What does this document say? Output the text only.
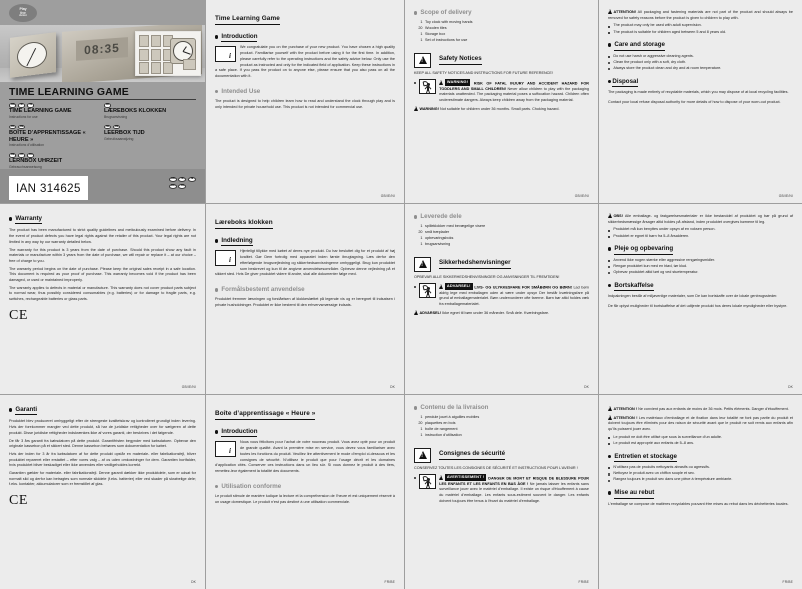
Play
tive
Junior
08:35
TIME LEARNING GAME
GB	IE	NI
TIME LEARNING GAME
Instructions for use
FR	BE
BOÎTE D’APPRENTISSAGE « HEURE »
Instructions d’utilisation
DE	AT	CH
LERNBOX UHRZEIT
Gebrauchsanweisung
DK
LÆREBOKS KLOKKEN
Brugsanvisning
NL	BE
LEERBOX TIJD
Gebruiksaanwijzing
IAN 314625
GB	IE	NI
DK	FR
Time Learning Game
Introduction
i

We congratulate you on the purchase of your new product. You have chosen a high quality product. Familiarise yourself with the product before using it for the first time. In addition, please carefully refer to the operating instructions and the safety advice below. Only use the product as instructed and only for the indicated field of application. Keep these instructions in a safe place. If you pass the product on to anyone else, please ensure that you also pass on all the documentation with it.

Intended Use

The product is designed to help children learn how to read and understand the clock through play and is only intended for private household use. This product is not intended for commercial use.

GB/IE/NI
Scope of delivery
1 Toy clock with moving hands
20 Wooden tiles
1 Storage box
1 Set of instructions for use
!
Safety Notices
KEEP ALL SAFETY NOTICES AND INSTRUCTIONS FOR FUTURE REFERENCE!

!WARNING! RISK OF FATAL INJURY AND ACCIDENT HAZARD FOR TODDLERS AND SMALL CHILDREN! Never allow children to play with the packaging materials unattended. The packaging material poses a suffocation hazard. Children often underestimate dangers. Always keep children away from the packaging material.

!WARNING! Not suitable for children under 36 months. Small parts. Choking hazard.

GB/IE/NI

!ATTENTION! All packaging and fastening materials are not part of the product and should always be removed for safety reasons before the product is given to children to play with.

The product may only be used with adult supervision.
The product is suitable for children aged between 5 and 8 years old.
Care and storage
Do not use harsh or aggressive cleaning agents.
Clean the product only with a soft, dry cloth.
Always store the product clean and dry and at room temperature.
Disposal

The packaging is made entirely of recyclable materials, which you may dispose of at local recycling facilities.

Contact your local refuse disposal authority for more details of how to dispose of your worn-out product.

GB/IE/NI
Warranty

The product has been manufactured to strict quality guidelines and meticulously examined before delivery. In the event of product defects you have legal rights against the retailer of this product. Your legal rights are not limited in any way by our warranty detailed below.

The warranty for this product is 3 years from the date of purchase. Should this product show any fault in materials or manufacture within 3 years from the date of purchase, we will repair or replace it – at our choice – free of charge to you.

The warranty period begins on the date of purchase. Please keep the original sales receipt in a safe location. This document is required as your proof of purchase. This warranty becomes void if the product has been damaged, or used or maintained improperly.

The warranty applies to defects in material or manufacture. This warranty does not cover product parts subject to normal wear, thus possibly considered consumables (e.g. batteries) or for damage to fragile parts, e.g. switches, rechargeable batteries or glass parts.

CE
GB/IE/NI
Læreboks klokken
Indledning
i

Hjerteligt tillykke med købet af deres nye produkt. Du har besluttet dig for et produkt af høj kvalitet. Gør Dem fortrolig med apparatet inden første ibrugtagning. Læs derfor den efterfølgende brugsvejledning og sikkerhedsanvisningerne omhyggeligt. Brug kun produktet som beskrevet og kun til de angivne anvendelsesområder. Opbevar denne vejledning på et sikkert sted. Hvis De giver produktet videre til andre, skal alle dokumenter følge med.

Formålsbestemt anvendelse

Produktet fremmer læsningen og forståelsen af klokkeslættet på legende vis og er beregnet til indsatsen i private husholdninger. Produktet er ikke bestemt til den erhvervsmæssige indsats.

DK
Leverede dele
1 spilleklokker med bevægelige visere
20 små træplader
1 opbevaringsboks
1 brugsanvisning
!
Sikkerhedshenvisninger
OPBEVAR ALLE SIKKERHEDSHENVISNINGER OG ANVISNINGER TIL FREMTIDEN!

!ADVARSEL! LIVS- OG ULYKKESFARE FOR SMÅBØRN OG BØRN! Lad børn aldrig lege med emballagen uden at være under opsyn Der består kvælningsfare på grund af emballagematerialet. Børn undervurderer ofte farerne. Børn bør altid holdes væk fra emballagematerialet.

!ADVARSEL! Ikke egnet til børn under 36 måneder. Små dele. Kvælningsfare.

DK

!OBS! Alle emballage- og fastgørelsesmaterialer er ikke bestanddel af produktet og bør på grund af sikkerhedsmæssige årsager altid holdes på afstand, inden produktet overgives børnene til leg.

Produktet må kun benyttes under opsyn af en voksen person.
Produktet er egnet til børn fra 5–8 årsalderen.
Pleje og opbevaring
Anvend ikke nogen stærke eller aggressive rengøringsmidler.
Rengør produktet kun med en blød, tør klud.
Opbevar produktet altid tørt og ved stuetemperatur.
Bortskaffelse

Indpakningen består af miljøvenlige materialer, som De kan bortskaffe over de lokale genbrugssteder.

De får oplyst muligheder til bortskaffelse af det udtjente produkt hos deres lokale myndigheder eller bystyre.

DK
Garanti

Produktet blev produceret omhyggeligt efter de strengeste kvalitetskrav og kontrolleret grundigt inden levering. Hvis der forekommer mangler ved dette produkt, så har de juridiske rettigheder over for sælgeren af dette produkt. Disse juridiske rettigheder indskrænkes ikke af vores garanti, der beskrives i det følgende.

De får 3 års garanti fra købsdatoen på dette produkt. Garantifristen begynder med købsdatoen. Opbevar den originale kassebon på et sikkert sted. Denne kassebon behøves som dokumentation for købet.

Hvis der inden for 3 år fra købsdatoen af for dette produkt opstår en materiale- eller fabrikationsfejl, bliver produktet repareret eller erstattet – efter vores valg – af os uden omkostninger for dem. Garantien bortfalder, hvis produktet bliver beskadiget eller ikke anvendes eller vedligeholdes korrekt.

Garantien gælder for materiale- eller fabrikationsfejl. Denne garanti dækker ikke produktdele, som er udsat for normalt slid og derfor kan betragtes som normale sliddele (f.eks. batterier) eller ved skader på skrøbelige dele; f.eks. kontakter, akkumulatorer som er fremstillet af glas.

CE
DK
Boîte d’apprentissage « Heure »
Introduction
i

Nous vous félicitons pour l’achat de votre nouveau produit. Vous avez opté pour un produit de grande qualité. Avant la première mise en service, vous devez vous familiariser avec toutes les fonctions du produit. Veuillez lire attentivement le mode d’emploi ci-dessous et les consignes de sécurité. N’utilisez le produit que pour l’usage décrit et les domaines d’application cités. Conserver ces instructions dans un lieu sûr. Si vous donnez le produit à des tiers, remettez-leur également la totalité des documents.

Utilisation conforme

Le produit stimule de manière ludique la lecture et la compréhension de l’heure et est uniquement réservé à un usage domestique. Le produit n’est pas destiné à une utilisation commerciale.

FR/BE
Contenu de la livraison
1 pendule jouet à aiguilles mobiles
20 plaquettes en bois
1 boîte de rangement
1 instruction d’utilisation
!
Consignes de sécurité
CONSERVEZ TOUTES LES CONSIGNES DE SÉCURITÉ ET INSTRUCTIONS POUR L’AVENIR !

!AVERTISSEMENT ! DANGER DE MORT ET RISQUE DE BLESSURE POUR LES ENFANTS ET LES ENFANTS EN BAS ÂGE ! Ne jamais laisser les enfants sans surveillance jouer avec le matériel d’emballage. Il existe un risque d’étouffement à cause du matériel d’emballage. Les enfants sous-estiment souvent le danger. Les enfants doivent toujours être tenus à l’écart du matériel d’emballage.

FR/BE

!ATTENTION ! Ne convient pas aux enfants de moins de 36 mois. Petits éléments. Danger d’étouffement.

!ATTENTION ! Les matériaux d’emballage et de fixation dans leur totalité ne font pas partie du produit et doivent toujours être éliminés pour des raison de sécurité avant que le produit ne soit remis aux enfants afin qu’ils puissent jouer avec.

Le produit ne doit être utilisé que sous la surveillance d’un adulte.
Le produit est approprié aux enfants de 5–8 ans.
Entretien et stockage
N’utilisez pas de produits nettoyants abrasifs ou agressifs.
Nettoyez le produit avec un chiffon souple et sec.
Rangez toujours le produit sec dans une pièce à température ambiante.
Mise au rebut

L’emballage se compose de matières recyclables pouvant être mises au rebut dans les déchetteries locales.

FR/BE
